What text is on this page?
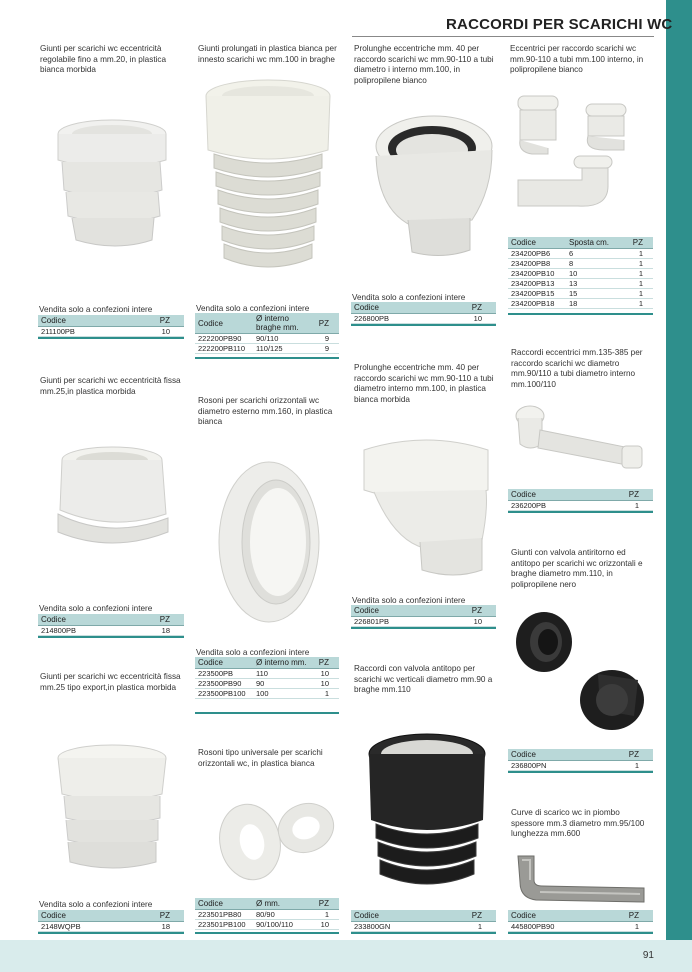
91
RACCORDI PER SCARICHI WC
Giunti per scarichi wc eccentricità regolabile fino a mm.20, in plastica bianca morbida
Vendita solo a confezioni intere
Codice	PZ
211100PB	10
Giunti per scarichi wc eccentricità fissa mm.25,in plastica morbida
Vendita solo a confezioni intere
Codice	PZ
214800PB	18
Giunti per scarichi wc eccentricità fissa mm.25 tipo export,in plastica morbida
Vendita solo a confezioni intere
Codice	PZ
2148WQPB	18
Giunti prolungati in plastica bianca per innesto scarichi wc mm.100 in braghe
Vendita solo a confezioni intere
Codice	Ø interno braghe mm.	PZ
222200PB90	90/110	9
222200PB110	110/125	9
Rosoni per scarichi orizzontali wc diametro esterno mm.160, in plastica bianca
Vendita solo a confezioni intere
Codice	Ø interno mm.	PZ
223500PB	110	10
223500PB90	90	10
223500PB100	100	1
Rosoni tipo universale per scarichi orizzontali wc, in plastica bianca
Codice	Ø mm.	PZ
223501PB80	80/90	1
223501PB100	90/100/110	10
Prolunghe eccentriche mm. 40 per raccordo scarichi wc mm.90-110 a tubi diametro i interno mm.100, in polipropilene bianco
Vendita solo a confezioni intere
Codice	PZ
226800PB	10
Prolunghe eccentriche mm. 40 per raccordo scarichi wc mm.90-110 a tubi diametro interno mm.100, in plastica bianca morbida
Vendita solo a confezioni intere
Codice	PZ
226801PB	10
Raccordi con valvola antitopo per scarichi wc verticali diametro mm.90 a braghe mm.110
Codice	PZ
233800GN	1
Eccentrici per raccordo scarichi wc mm.90-110 a tubi mm.100 interno, in polipropilene bianco
Codice	Sposta cm.	PZ
234200PB6	6	1
234200PB8	8	1
234200PB10	10	1
234200PB13	13	1
234200PB15	15	1
234200PB18	18	1
Raccordi eccentrici mm.135-385 per raccordo scarichi wc diametro mm.90/110 a tubi diametro interno mm.100/110
Codice	PZ
236200PB	1
Giunti con valvola antiritorno ed antitopo per scarichi wc orizzontali e braghe diametro mm.110, in polipropilene nero
Codice	PZ
236800PN	1
Curve di scarico wc in piombo spessore mm.3 diametro mm.95/100 lunghezza mm.600
Codice	PZ
445800PB90	1
